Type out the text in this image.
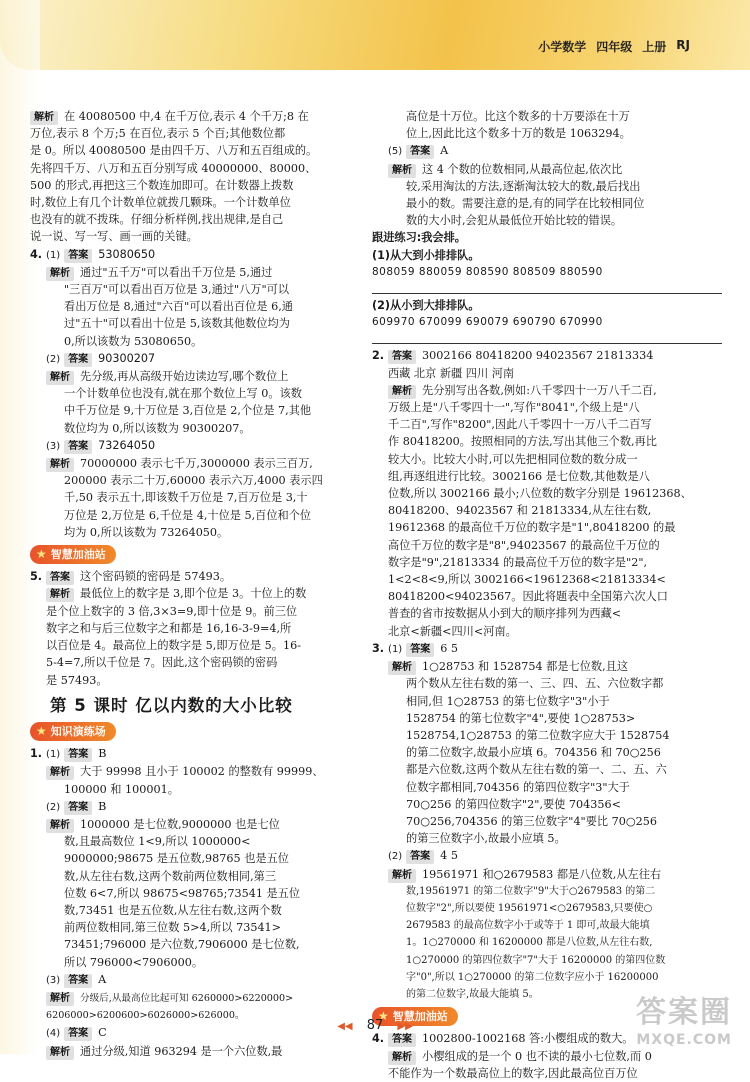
小学数学 四年级 上册 RJ

解析 在 40080500 中,4 在千万位,表示 4 个千万;8 在

万位,表示 8 个万;5 在百位,表示 5 个百;其他数位都

是 0。所以 40080500 是由四千万、八万和五百组成的。

先将四千万、八万和五百分别写成 40000000、80000、

500 的形式,再把这三个数连加即可。在计数器上拨数

时,数位上有几个计数单位就拨几颗珠。一个计数单位

也没有的就不拨珠。仔细分析样例,找出规律,是自己

说一说、写一写、画一画的关键。

4. (1) 答案 53080650

解析 通过"五千万"可以看出千万位是 5,通过

"三百万"可以看出百万位是 3,通过"八万"可以

看出万位是 8,通过"六百"可以看出百位是 6,通

过"五十"可以看出十位是 5,该数其他数位均为

0,所以该数为 53080650。

(2) 答案 90300207

解析 先分级,再从高级开始边读边写,哪个数位上

一个计数单位也没有,就在那个数位上写 0。该数

中千万位是 9,十万位是 3,百位是 2,个位是 7,其他

数位均为 0,所以该数为 90300207。

(3) 答案 73264050

解析 70000000 表示七千万,3000000 表示三百万,

200000 表示二十万,60000 表示六万,4000 表示四

千,50 表示五十,即该数千万位是 7,百万位是 3,十

万位是 2,万位是 6,千位是 4,十位是 5,百位和个位

均为 0,所以该数为 73264050。

★ 智慧加油站

5. 答案 这个密码锁的密码是 57493。

解析 最低位上的数字是 3,即个位是 3。十位上的数

是个位上数字的 3 倍,3×3=9,即十位是 9。前三位

数字之和与后三位数字之和都是 16,16-3-9=4,所

以百位是 4。最高位上的数字是 5,即万位是 5。16-

5-4=7,所以千位是 7。因此,这个密码锁的密码

是 57493。

第 5 课时 亿以内数的大小比较
★ 知识演练场

1. (1) 答案 B

解析 大于 99998 且小于 100002 的整数有 99999、

100000 和 100001。

(2) 答案 B

解析 1000000 是七位数,9000000 也是七位

数,且最高数位 1<9,所以 1000000<

9000000;98675 是五位数,98765 也是五位

数,从左往右数,这两个数前两位数相同,第三

位数 6<7,所以 98675<98765;73541 是五位

数,73451 也是五位数,从左往右数,这两个数

前两位数相同,第三位数 5>4,所以 73541>

73451;796000 是六位数,7906000 是七位数,

所以 796000<7906000。

(3) 答案 A

解析 分级后,从最高位比起可知 6260000>6220000>

6206000>6200600>6026000>626000。

(4) 答案 C

解析 通过分级,知道 963294 是一个六位数,最

高位是十万位。比这个数多的十万要添在十万

位上,因此比这个数多十万的数是 1063294。

(5) 答案 A

解析 这 4 个数的位数相同,从最高位起,依次比

较,采用淘汰的方法,逐渐淘汰较大的数,最后找出

最小的数。需要注意的是,有的同学在比较相同位

数的大小时,会犯从最低位开始比较的错误。

跟进练习:我会排。

(1)从大到小排排队。

808059 880059 808590 808509 880590

(2)从小到大排排队。

609970 670099 690079 690790 670990

2. 答案 3002166 80418200 94023567 21813334

西藏 北京 新疆 四川 河南

解析 先分别写出各数,例如:八千零四十一万八千二百,

万级上是"八千零四十一",写作"8041",个级上是"八

千二百",写作"8200",因此八千零四十一万八千二百写

作 80418200。按照相同的方法,写出其他三个数,再比

较大小。比较大小时,可以先把相同位数的数分成一

组,再逐组进行比较。3002166 是七位数,其他数是八

位数,所以 3002166 最小;八位数的数字分别是 19612368、

80418200、94023567 和 21813334,从左往右数,

19612368 的最高位千万位的数字是"1",80418200 的最

高位千万位的数字是"8",94023567 的最高位千万位的

数字是"9",21813334 的最高位千万位的数字是"2",

1<2<8<9,所以 3002166<19612368<21813334<

80418200<94023567。因此将题表中全国第六次人口

普查的省市按数据从小到大的顺序排列为西藏<

北京<新疆<四川<河南。

3. (1) 答案 6 5

解析 1○28753 和 1528754 都是七位数,且这

两个数从左往右数的第一、三、四、五、六位数字都

相同,但 1○28753 的第七位数字"3"小于

1528754 的第七位数字"4",要使 1○28753>

1528754,1○28753 的第二位数字应大于 1528754

的第二位数字,故最小应填 6。704356 和 70○256

都是六位数,这两个数从左往右数的第一、二、五、六

位数字都相同,704356 的第四位数字"3"大于

70○256 的第四位数字"2",要使 704356<

70○256,704356 的第三位数字"4"要比 70○256

的第三位数字小,故最小应填 5。

(2) 答案 4 5

解析 19561971 和○2679583 都是八位数,从左往右

数,19561971 的第二位数字"9"大于○2679583 的第二

位数字"2",所以要使 19561971<○2679583,只要使○

2679583 的最高位数字小于或等于 1 即可,故最大能填

1。1○270000 和 16200000 都是八位数,从左往右数,

1○270000 的第四位数字"7"大于 16200000 的第四位数

字"0",所以 1○270000 的第二位数字应小于 16200000

的第二位数字,故最大能填 5。

★ 智慧加油站

4. 答案 1002800-1002168 答:小樱组成的数大。

解析 小樱组成的是一个 0 也不读的最小七位数,而 0

不能作为一个数最高位上的数字,因此最高位百万位

◀◀ 87 ▶▶	答案圈
MXQE.COM
